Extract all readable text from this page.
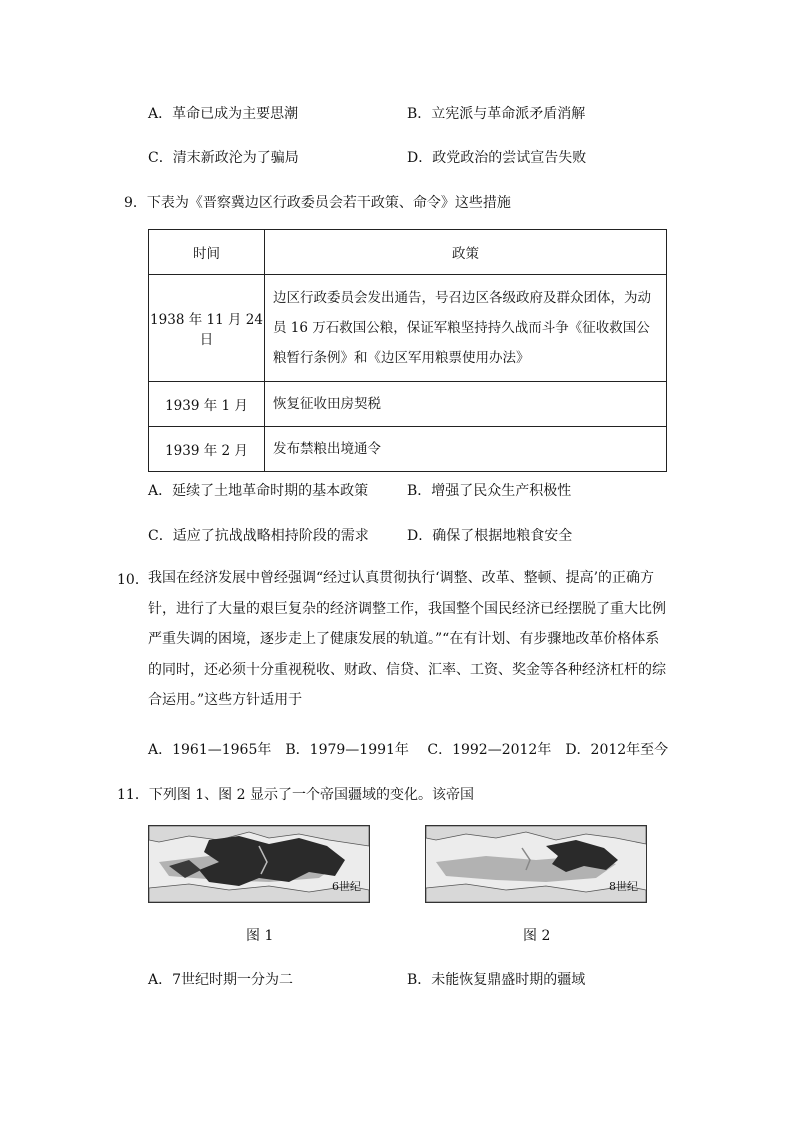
A．革命已成为主要思潮	B．立宪派与革命派矛盾消解
C．清末新政沦为了骗局	D．政党政治的尝试宣告失败
9．下表为《晋察冀边区行政委员会若干政策、命令》这些措施
时间	政策
1938 年 11 月 24 日	边区行政委员会发出通告，号召边区各级政府及群众团体，为动员 16 万石救国公粮，保证军粮坚持持久战而斗争《征收救国公粮暂行条例》和《边区军用粮票使用办法》
1939 年 1 月	恢复征收田房契税
1939 年 2 月	发布禁粮出境通令
A．延续了土地革命时期的基本政策	B．增强了民众生产积极性
C．适应了抗战战略相持阶段的需求	D．确保了根据地粮食安全
10． 我国在经济发展中曾经强调“经过认真贯彻执行‘调整、改革、整顿、提高’的正确方针，进行了大量的艰巨复杂的经济调整工作，我国整个国民经济已经摆脱了重大比例严重失调的困境，逐步走上了健康发展的轨道。”“在有计划、有步骤地改革价格体系的同时，还必须十分重视税收、财政、信贷、汇率、工资、奖金等各种经济杠杆的综合运用。”这些方针适用于
A．1961—1965年　B．1979—1991年　 C．1992—2012年　D．2012年至今
11．下列图 1、图 2 显示了一个帝国疆域的变化。该帝国
6世纪	8世纪
图 1	图 2
A．7世纪时期一分为二	B．未能恢复鼎盛时期的疆域
